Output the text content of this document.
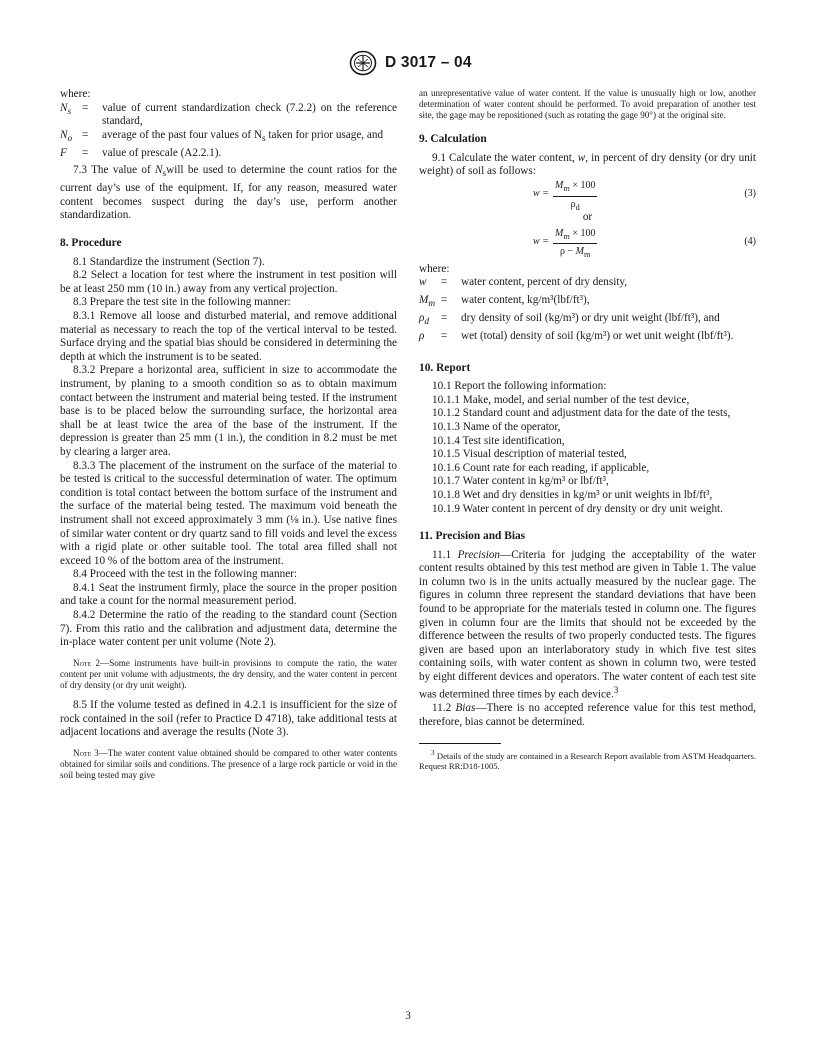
D 3017 – 04

where:

$N_s$	=	value of current standardization check (7.2.2) on the reference standard,
$N_o$	=	average of the past four values of $N_s$ taken for prior usage, and
F	=	value of prescale (A2.2.1).

7.3 The value of $N_swill$ be used to determine the count ratios for the current day’s use of the equipment. If, for any reason, measured water content becomes suspect during the day’s use, perform another standardization.

8. Procedure

8.1 Standardize the instrument (Section 7).

8.2 Select a location for test where the instrument in test position will be at least 250 mm (10 in.) away from any vertical projection.

8.3 Prepare the test site in the following manner:

8.3.1 Remove all loose and disturbed material, and remove additional material as necessary to reach the top of the vertical interval to be tested. Surface drying and the spatial bias should be considered in determining the depth at which the instrument is to be seated.

8.3.2 Prepare a horizontal area, sufficient in size to accommodate the instrument, by planing to a smooth condition so as to obtain maximum contact between the instrument and material being tested. If the instrument base is to be placed below the surrounding surface, the horizontal area shall be at least twice the area of the base of the instrument. If the depression is greater than 25 mm (1 in.), the condition in 8.2 must be met by clearing a larger area.

8.3.3 The placement of the instrument on the surface of the material to be tested is critical to the successful determination of water. The optimum condition is total contact between the bottom surface of the instrument and the surface of the material being tested. The maximum void beneath the instrument shall not exceed approximately 3 mm (⅛ in.). Use native fines of similar water content or dry quartz sand to fill voids and level the excess with a rigid plate or other suitable tool. The total area filled shall not exceed 10 % of the bottom area of the instrument.

8.4 Proceed with the test in the following manner:

8.4.1 Seat the instrument firmly, place the source in the proper position and take a count for the normal measurement period.

8.4.2 Determine the ratio of the reading to the standard count (Section 7). From this ratio and the calibration and adjustment data, determine the in-place water content per unit volume (Note 2).

Note 2—Some instruments have built-in provisions to compute the ratio, the water content per unit volume with adjustments, the dry density, and the water content in percent of dry density (or dry unit weight).

8.5 If the volume tested as defined in 4.2.1 is insufficient for the size of rock contained in the soil (refer to Practice D 4718), take additional tests at adjacent locations and average the results (Note 3).

Note 3—The water content value obtained should be compared to other water contents obtained for similar soils and conditions. The presence of a large rock particle or void in the soil being tested may give

an unrepresentative value of water content. If the value is unusually high or low, another determination of water content should be performed. To avoid preparation of another test site, the gage may be repositioned (such as rotating the gage 90°) at the original site.

9. Calculation

9.1 Calculate the water content, w, in percent of dry density (or dry unit weight) of soil as follows:

$w = \frac{M_m \times 100}{\rho_d}$	(3)
or
$w = \frac{M_m \times 100}{\rho - M_m}$	(4)

where:

w	=	water content, percent of dry density,
$M_m$	=	water content, kg/m³(lbf/ft³),
$\rho_d$	=	dry density of soil (kg/m³) or dry unit weight (lbf/ft³), and
ρ	=	wet (total) density of soil (kg/m³) or wet unit weight (lbf/ft³).

10. Report

10.1 Report the following information:

10.1.1 Make, model, and serial number of the test device,

10.1.2 Standard count and adjustment data for the date of the tests,

10.1.3 Name of the operator,

10.1.4 Test site identification,

10.1.5 Visual description of material tested,

10.1.6 Count rate for each reading, if applicable,

10.1.7 Water content in kg/m³ or lbf/ft³,

10.1.8 Wet and dry densities in kg/m³ or unit weights in lbf/ft³,

10.1.9 Water content in percent of dry density or dry unit weight.

11. Precision and Bias

11.1 Precision—Criteria for judging the acceptability of the water content results obtained by this test method are given in Table 1. The value in column two is in the units actually measured by the nuclear gage. The figures in column three represent the standard deviations that have been found to be appropriate for the materials tested in column one. The figures given in column four are the limits that should not be exceeded by the difference between the results of two properly conducted tests. The figures given are based upon an interlaboratory study in which five test sites containing soils, with water content as shown in column two, were tested by eight different devices and operators. The water content of each test site was determined three times by each device.$^3$

11.2 Bias—There is no accepted reference value for this test method, therefore, bias cannot be determined.

$^3$ Details of the study are contained in a Research Report available from ASTM Headquarters. Request RR:D18-1005.

3
